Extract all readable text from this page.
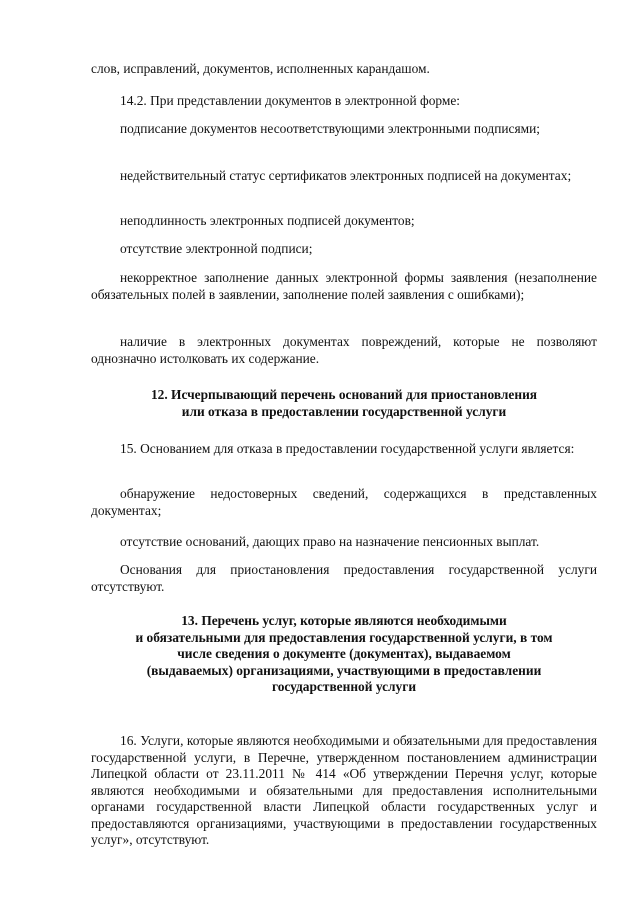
слов, исправлений, документов, исполненных карандашом.

14.2. При представлении документов в электронной форме:

подписание документов несоответствующими электронными подписями;

недействительный статус сертификатов электронных подписей на документах;

неподлинность электронных подписей документов;

отсутствие электронной подписи;

некорректное заполнение данных электронной формы заявления (незаполнение обязательных полей в заявлении, заполнение полей заявления с ошибками);

наличие в электронных документах повреждений, которые не позволяют однозначно истолковать их содержание.

12. Исчерпывающий перечень оснований для приостановления
или отказа в предоставлении государственной услуги

15. Основанием для отказа в предоставлении государственной услуги является:

обнаружение недостоверных сведений, содержащихся в представленных документах;

отсутствие оснований, дающих право на назначение пенсионных выплат.

Основания для приостановления предоставления государственной услуги отсутствуют.

13. Перечень услуг, которые являются необходимыми
и обязательными для предоставления государственной услуги, в том
числе сведения о документе (документах), выдаваемом
(выдаваемых) организациями, участвующими в предоставлении
государственной услуги

16. Услуги, которые являются необходимыми и обязательными для предоставления государственной услуги, в Перечне, утвержденном постановлением администрации Липецкой области от 23.11.2011 № 414 «Об утверждении Перечня услуг, которые являются необходимыми и обязательными для предоставления исполнительными органами государственной власти Липецкой области государственных услуг и предоставляются организациями, участвующими в предоставлении государственных услуг», отсутствуют.
